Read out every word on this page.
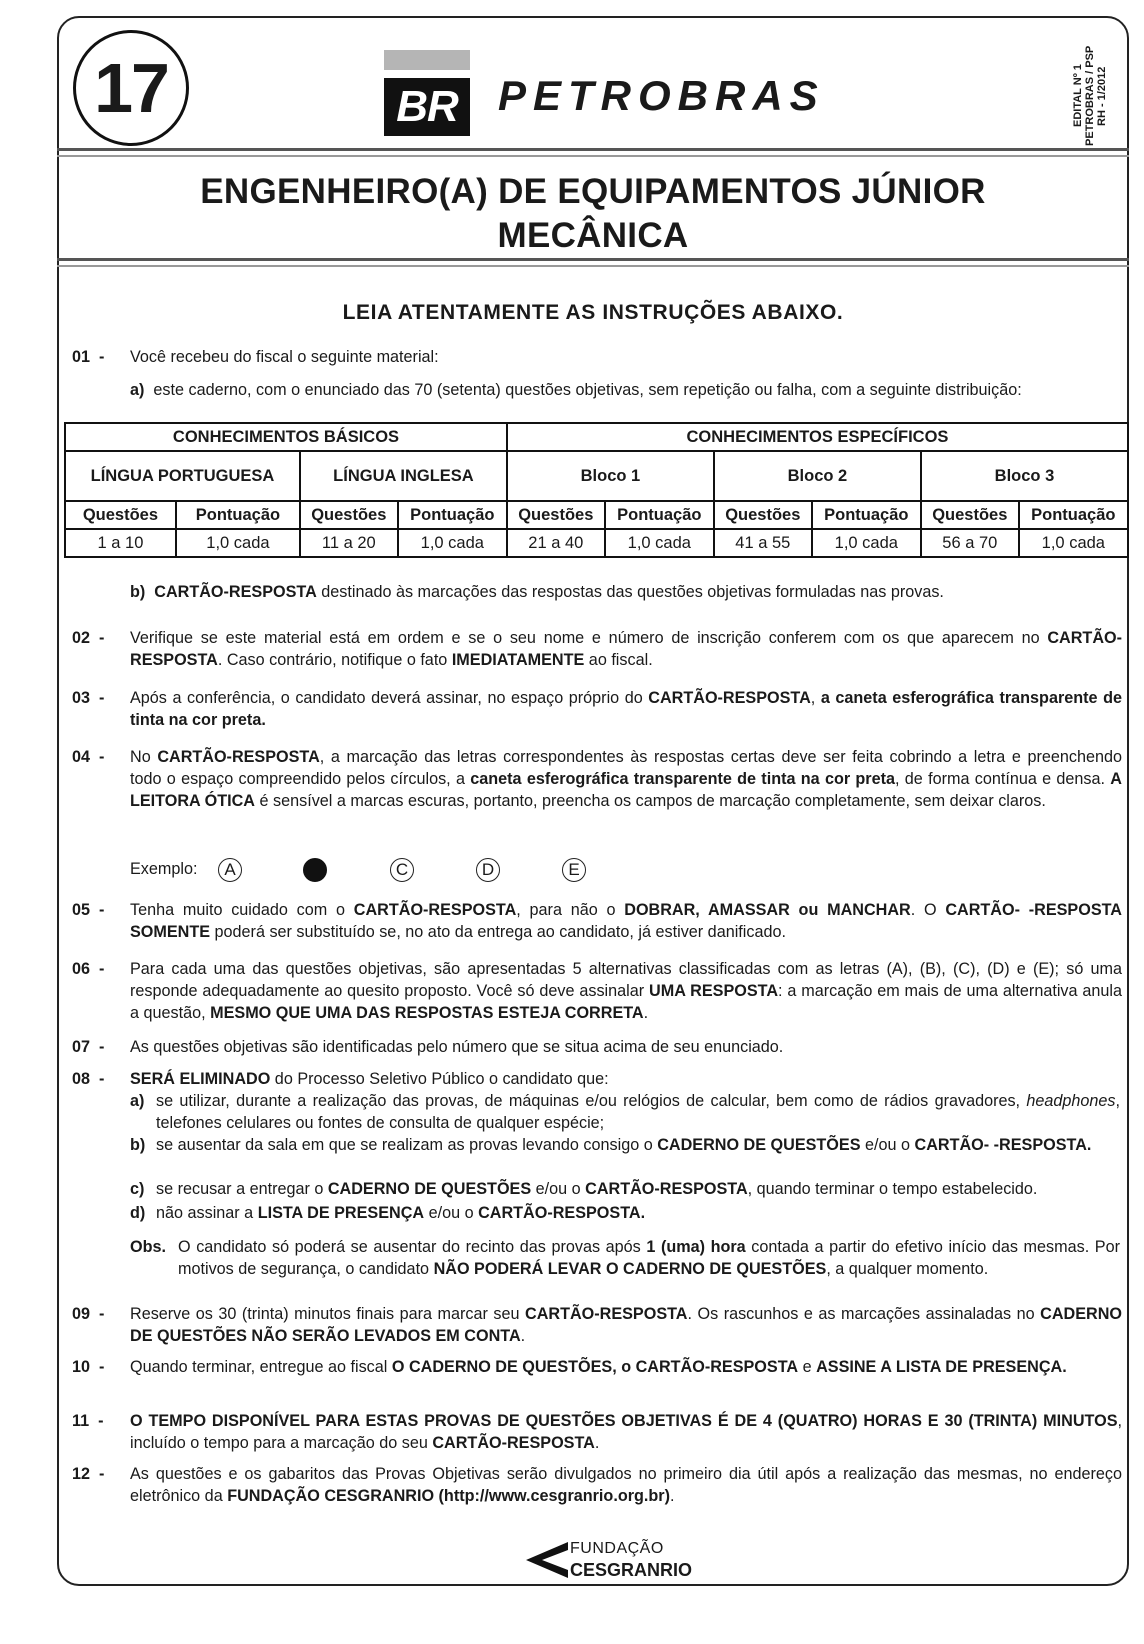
17	BR PETROBRAS	EDITAL Nº 1 PETROBRAS / PSP RH - 1/2012
ENGENHEIRO(A) DE EQUIPAMENTOS JÚNIOR
MECÂNICA
LEIA ATENTAMENTE AS INSTRUÇÕES ABAIXO.
01  -	Você recebeu do fiscal o seguinte material:
a) este caderno, com o enunciado das 70 (setenta) questões objetivas, sem repetição ou falha, com a seguinte distribuição:
CONHECIMENTOS BÁSICOS				CONHECIMENTOS ESPECÍFICOS					
LÍNGUA PORTUGUESA		LÍNGUA INGLESA		Bloco 1		Bloco 2		Bloco 3	
Questões	Pontuação	Questões	Pontuação	Questões	Pontuação	Questões	Pontuação	Questões	Pontuação
1 a 10	1,0 cada	11 a 20	1,0 cada	21 a 40	1,0 cada	41 a 55	1,0 cada	56 a 70	1,0 cada
b) CARTÃO-RESPOSTA destinado às marcações das respostas das questões objetivas formuladas nas provas.
02  -	Verifique se este material está em ordem e se o seu nome e número de inscrição conferem com os que aparecem no CARTÃO-RESPOSTA. Caso contrário, notifique o fato IMEDIATAMENTE ao fiscal.
03  -	Após a conferência, o candidato deverá assinar, no espaço próprio do CARTÃO-RESPOSTA, a caneta esferográfica transparente de tinta na cor preta.
04  -	No CARTÃO-RESPOSTA, a marcação das letras correspondentes às respostas certas deve ser feita cobrindo a letra e preenchendo todo o espaço compreendido pelos círculos, a caneta esferográfica transparente de tinta na cor preta, de forma contínua e densa. A LEITORA ÓTICA é sensível a marcas escuras, portanto, preencha os campos de marcação completamente, sem deixar claros.
Exemplo:	A	C	D	E
05  -	Tenha muito cuidado com o CARTÃO-RESPOSTA, para não o DOBRAR, AMASSAR ou MANCHAR. O CARTÃO- -RESPOSTA SOMENTE poderá ser substituído se, no ato da entrega ao candidato, já estiver danificado.
06  -	Para cada uma das questões objetivas, são apresentadas 5 alternativas classificadas com as letras (A), (B), (C), (D) e (E); só uma responde adequadamente ao quesito proposto. Você só deve assinalar UMA RESPOSTA: a marcação em mais de uma alternativa anula a questão, MESMO QUE UMA DAS RESPOSTAS ESTEJA CORRETA.
07  -	As questões objetivas são identificadas pelo número que se situa acima de seu enunciado.
08  -	SERÁ ELIMINADO do Processo Seletivo Público o candidato que:
a) se utilizar, durante a realização das provas, de máquinas e/ou relógios de calcular, bem como de rádios gravadores, headphones, telefones celulares ou fontes de consulta de qualquer espécie;
b) se ausentar da sala em que se realizam as provas levando consigo o CADERNO DE QUESTÕES e/ou o CARTÃO- -RESPOSTA.
c) se recusar a entregar o CADERNO DE QUESTÕES e/ou o CARTÃO-RESPOSTA, quando terminar o tempo estabelecido.
d) não assinar a LISTA DE PRESENÇA e/ou o CARTÃO-RESPOSTA.
Obs. O candidato só poderá se ausentar do recinto das provas após 1 (uma) hora contada a partir do efetivo início das mesmas. Por motivos de segurança, o candidato NÃO PODERÁ LEVAR O CADERNO DE QUESTÕES, a qualquer momento.
09  -	Reserve os 30 (trinta) minutos finais para marcar seu CARTÃO-RESPOSTA. Os rascunhos e as marcações assinaladas no CADERNO DE QUESTÕES NÃO SERÃO LEVADOS EM CONTA.
10  -	Quando terminar, entregue ao fiscal O CADERNO DE QUESTÕES, o CARTÃO-RESPOSTA e ASSINE A LISTA DE PRESENÇA.
11  -	O TEMPO DISPONÍVEL PARA ESTAS PROVAS DE QUESTÕES OBJETIVAS É DE 4 (QUATRO) HORAS E 30 (TRINTA) MINUTOS, incluído o tempo para a marcação do seu CARTÃO-RESPOSTA.
12  -	As questões e os gabaritos das Provas Objetivas serão divulgados no primeiro dia útil após a realização das mesmas, no endereço eletrônico da FUNDAÇÃO CESGRANRIO (http://www.cesgranrio.org.br).
FUNDAÇÃO
CESGRANRIO
